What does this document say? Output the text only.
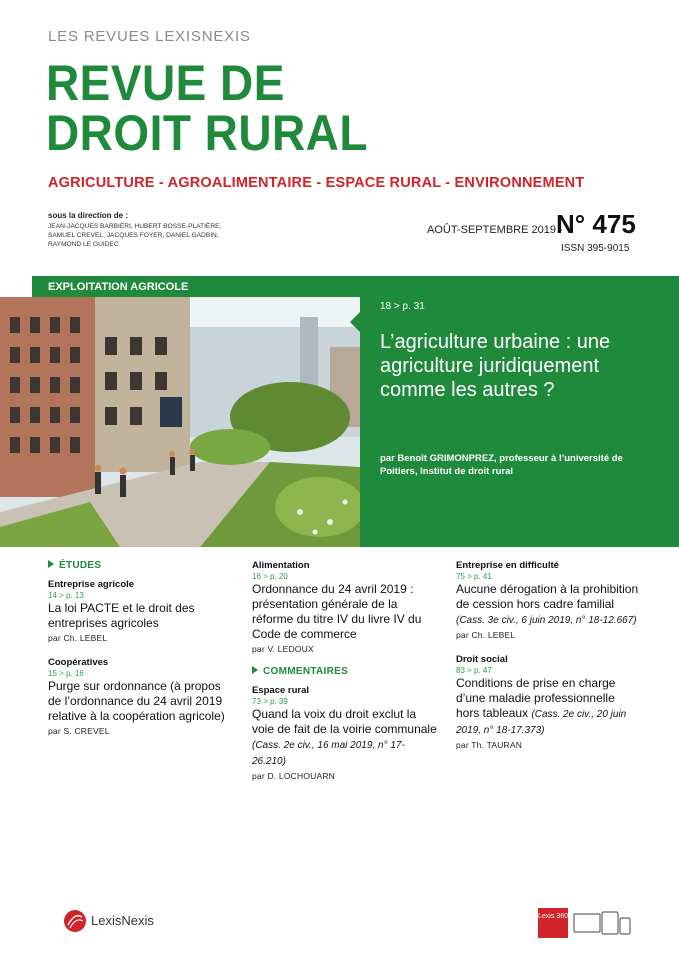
LES REVUES LEXISNEXIS
REVUE DE
DROIT RURAL
AGRICULTURE - AGROALIMENTAIRE - ESPACE RURAL - ENVIRONNEMENT
sous la direction de :
JEAN-JACQUES BARBIÈRI, HUBERT BOSSE-PLATIÈRE, SAMUEL CREVEL, JACQUES FOYER, DANIEL GADBIN, RAYMOND LE GUIDEC
AOÛT-SEPTEMBRE 2019 -
N° 475
ISSN 395-9015
EXPLOITATION AGRICOLE
18 > p. 31
L’agriculture urbaine : une agriculture juridiquement comme les autres ?
par Benoît GRIMONPREZ, professeur à l’université de Poitiers, Institut de droit rural
ÉTUDES
Entreprise agricole
14 > p. 13
La loi PACTE et le droit des entreprises agricoles
par Ch. LEBEL
Coopératives
15 > p. 16
Purge sur ordonnance (à propos de l’ordonnance du 24 avril 2019 relative à la coopération agricole)
par S. CREVEL
Alimentation
16 > p. 20
Ordonnance du 24 avril 2019 : présentation générale de la réforme du titre IV du livre IV du Code de commerce
par V. LEDOUX
COMMENTAIRES
Espace rural
73 > p. 39
Quand la voix du droit exclut la voie de fait de la voirie communale (Cass. 2e civ., 16 mai 2019, n° 17-26.210)
par D. LOCHOUARN
Entreprise en difficulté
75 > p. 41
Aucune dérogation à la prohibition de cession hors cadre familial (Cass. 3e civ., 6 juin 2019, n° 18-12.667)
par Ch. LEBEL
Droit social
83 > p. 47
Conditions de prise en charge d’une maladie professionnelle hors tableaux (Cass. 2e civ., 20 juin 2019, n° 18-17.373)
par Th. TAURAN
LexisNexis	Lexis 360
